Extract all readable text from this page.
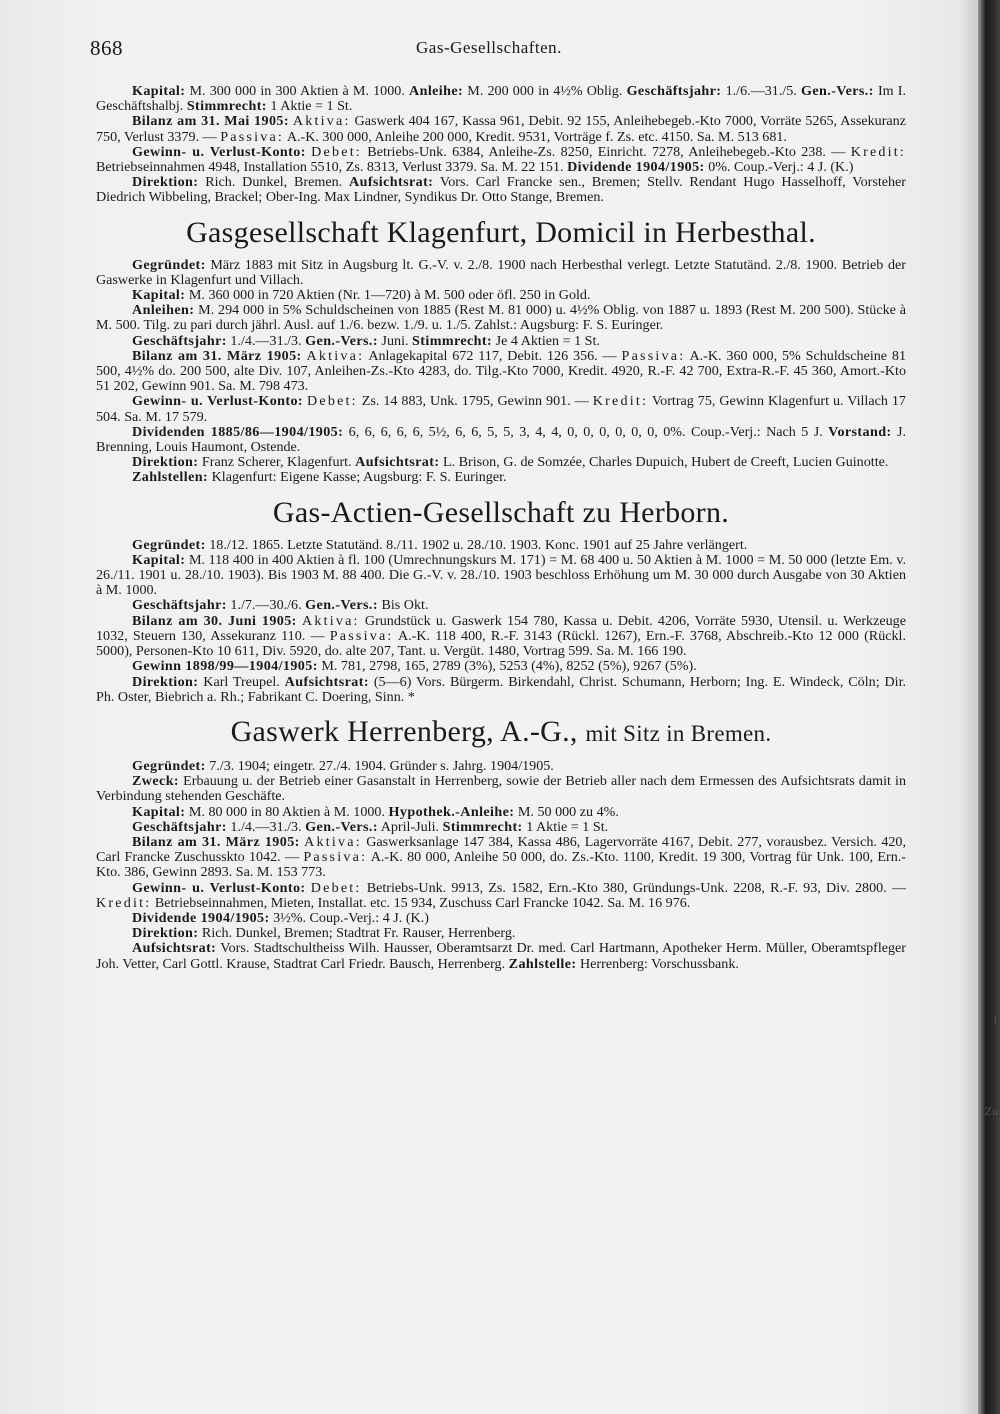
(
Zu
868	Gas-Gesellschaften.

Kapital: M. 300 000 in 300 Aktien à M. 1000. Anleihe: M. 200 000 in 4½% Oblig. Geschäftsjahr: 1./6.—31./5. Gen.-Vers.: Im I. Geschäftshalbj. Stimmrecht: 1 Aktie = 1 St.

Bilanz am 31. Mai 1905: Aktiva: Gaswerk 404 167, Kassa 961, Debit. 92 155, Anleihebegeb.-Kto 7000, Vorräte 5265, Assekuranz 750, Verlust 3379. — Passiva: A.-K. 300 000, Anleihe 200 000, Kredit. 9531, Vorträge f. Zs. etc. 4150. Sa. M. 513 681.

Gewinn- u. Verlust-Konto: Debet: Betriebs-Unk. 6384, Anleihe-Zs. 8250, Einricht. 7278, Anleihebegeb.-Kto 238. — Kredit: Betriebseinnahmen 4948, Installation 5510, Zs. 8313, Verlust 3379. Sa. M. 22 151. Dividende 1904/1905: 0%. Coup.-Verj.: 4 J. (K.)

Direktion: Rich. Dunkel, Bremen. Aufsichtsrat: Vors. Carl Francke sen., Bremen; Stellv. Rendant Hugo Hasselhoff, Vorsteher Diedrich Wibbeling, Brackel; Ober-Ing. Max Lindner, Syndikus Dr. Otto Stange, Bremen.

Gasgesellschaft Klagenfurt, Domicil in Herbesthal.

Gegründet: März 1883 mit Sitz in Augsburg lt. G.-V. v. 2./8. 1900 nach Herbesthal verlegt. Letzte Statutänd. 2./8. 1900. Betrieb der Gaswerke in Klagenfurt und Villach.

Kapital: M. 360 000 in 720 Aktien (Nr. 1—720) à M. 500 oder öfl. 250 in Gold.

Anleihen: M. 294 000 in 5% Schuldscheinen von 1885 (Rest M. 81 000) u. 4½% Oblig. von 1887 u. 1893 (Rest M. 200 500). Stücke à M. 500. Tilg. zu pari durch jährl. Ausl. auf 1./6. bezw. 1./9. u. 1./5. Zahlst.: Augsburg: F. S. Euringer.

Geschäftsjahr: 1./4.—31./3. Gen.-Vers.: Juni. Stimmrecht: Je 4 Aktien = 1 St.

Bilanz am 31. März 1905: Aktiva: Anlagekapital 672 117, Debit. 126 356. — Passiva: A.-K. 360 000, 5% Schuldscheine 81 500, 4½% do. 200 500, alte Div. 107, Anleihen-Zs.-Kto 4283, do. Tilg.-Kto 7000, Kredit. 4920, R.-F. 42 700, Extra-R.-F. 45 360, Amort.-Kto 51 202, Gewinn 901. Sa. M. 798 473.

Gewinn- u. Verlust-Konto: Debet: Zs. 14 883, Unk. 1795, Gewinn 901. — Kredit: Vortrag 75, Gewinn Klagenfurt u. Villach 17 504. Sa. M. 17 579.

Dividenden 1885/86—1904/1905: 6, 6, 6, 6, 6, 5½, 6, 6, 5, 5, 3, 4, 4, 0, 0, 0, 0, 0, 0, 0%. Coup.-Verj.: Nach 5 J. Vorstand: J. Brenning, Louis Haumont, Ostende.

Direktion: Franz Scherer, Klagenfurt. Aufsichtsrat: L. Brison, G. de Somzée, Charles Dupuich, Hubert de Creeft, Lucien Guinotte.

Zahlstellen: Klagenfurt: Eigene Kasse; Augsburg: F. S. Euringer.

Gas-Actien-Gesellschaft zu Herborn.

Gegründet: 18./12. 1865. Letzte Statutänd. 8./11. 1902 u. 28./10. 1903. Konc. 1901 auf 25 Jahre verlängert.

Kapital: M. 118 400 in 400 Aktien à fl. 100 (Umrechnungskurs M. 171) = M. 68 400 u. 50 Aktien à M. 1000 = M. 50 000 (letzte Em. v. 26./11. 1901 u. 28./10. 1903). Bis 1903 M. 88 400. Die G.-V. v. 28./10. 1903 beschloss Erhöhung um M. 30 000 durch Ausgabe von 30 Aktien à M. 1000.

Geschäftsjahr: 1./7.—30./6. Gen.-Vers.: Bis Okt.

Bilanz am 30. Juni 1905: Aktiva: Grundstück u. Gaswerk 154 780, Kassa u. Debit. 4206, Vorräte 5930, Utensil. u. Werkzeuge 1032, Steuern 130, Assekuranz 110. — Passiva: A.-K. 118 400, R.-F. 3143 (Rückl. 1267), Ern.-F. 3768, Abschreib.-Kto 12 000 (Rückl. 5000), Personen-Kto 10 611, Div. 5920, do. alte 207, Tant. u. Vergüt. 1480, Vortrag 599. Sa. M. 166 190.

Gewinn 1898/99—1904/1905: M. 781, 2798, 165, 2789 (3%), 5253 (4%), 8252 (5%), 9267 (5%).

Direktion: Karl Treupel. Aufsichtsrat: (5—6) Vors. Bürgerm. Birkendahl, Christ. Schumann, Herborn; Ing. E. Windeck, Cöln; Dir. Ph. Oster, Biebrich a. Rh.; Fabrikant C. Doering, Sinn. *

Gaswerk Herrenberg, A.-G., mit Sitz in Bremen.

Gegründet: 7./3. 1904; eingetr. 27./4. 1904. Gründer s. Jahrg. 1904/1905.

Zweck: Erbauung u. der Betrieb einer Gasanstalt in Herrenberg, sowie der Betrieb aller nach dem Ermessen des Aufsichtsrats damit in Verbindung stehenden Geschäfte.

Kapital: M. 80 000 in 80 Aktien à M. 1000. Hypothek.-Anleihe: M. 50 000 zu 4%.

Geschäftsjahr: 1./4.—31./3. Gen.-Vers.: April-Juli. Stimmrecht: 1 Aktie = 1 St.

Bilanz am 31. März 1905: Aktiva: Gaswerksanlage 147 384, Kassa 486, Lagervorräte 4167, Debit. 277, vorausbez. Versich. 420, Carl Francke Zuschusskto 1042. — Passiva: A.-K. 80 000, Anleihe 50 000, do. Zs.-Kto. 1100, Kredit. 19 300, Vortrag für Unk. 100, Ern.-Kto. 386, Gewinn 2893. Sa. M. 153 773.

Gewinn- u. Verlust-Konto: Debet: Betriebs-Unk. 9913, Zs. 1582, Ern.-Kto 380, Gründungs-Unk. 2208, R.-F. 93, Div. 2800. — Kredit: Betriebseinnahmen, Mieten, Installat. etc. 15 934, Zuschuss Carl Francke 1042. Sa. M. 16 976.

Dividende 1904/1905: 3½%. Coup.-Verj.: 4 J. (K.)

Direktion: Rich. Dunkel, Bremen; Stadtrat Fr. Rauser, Herrenberg.

Aufsichtsrat: Vors. Stadtschultheiss Wilh. Hausser, Oberamtsarzt Dr. med. Carl Hartmann, Apotheker Herm. Müller, Oberamtspfleger Joh. Vetter, Carl Gottl. Krause, Stadtrat Carl Friedr. Bausch, Herrenberg. Zahlstelle: Herrenberg: Vorschussbank.
